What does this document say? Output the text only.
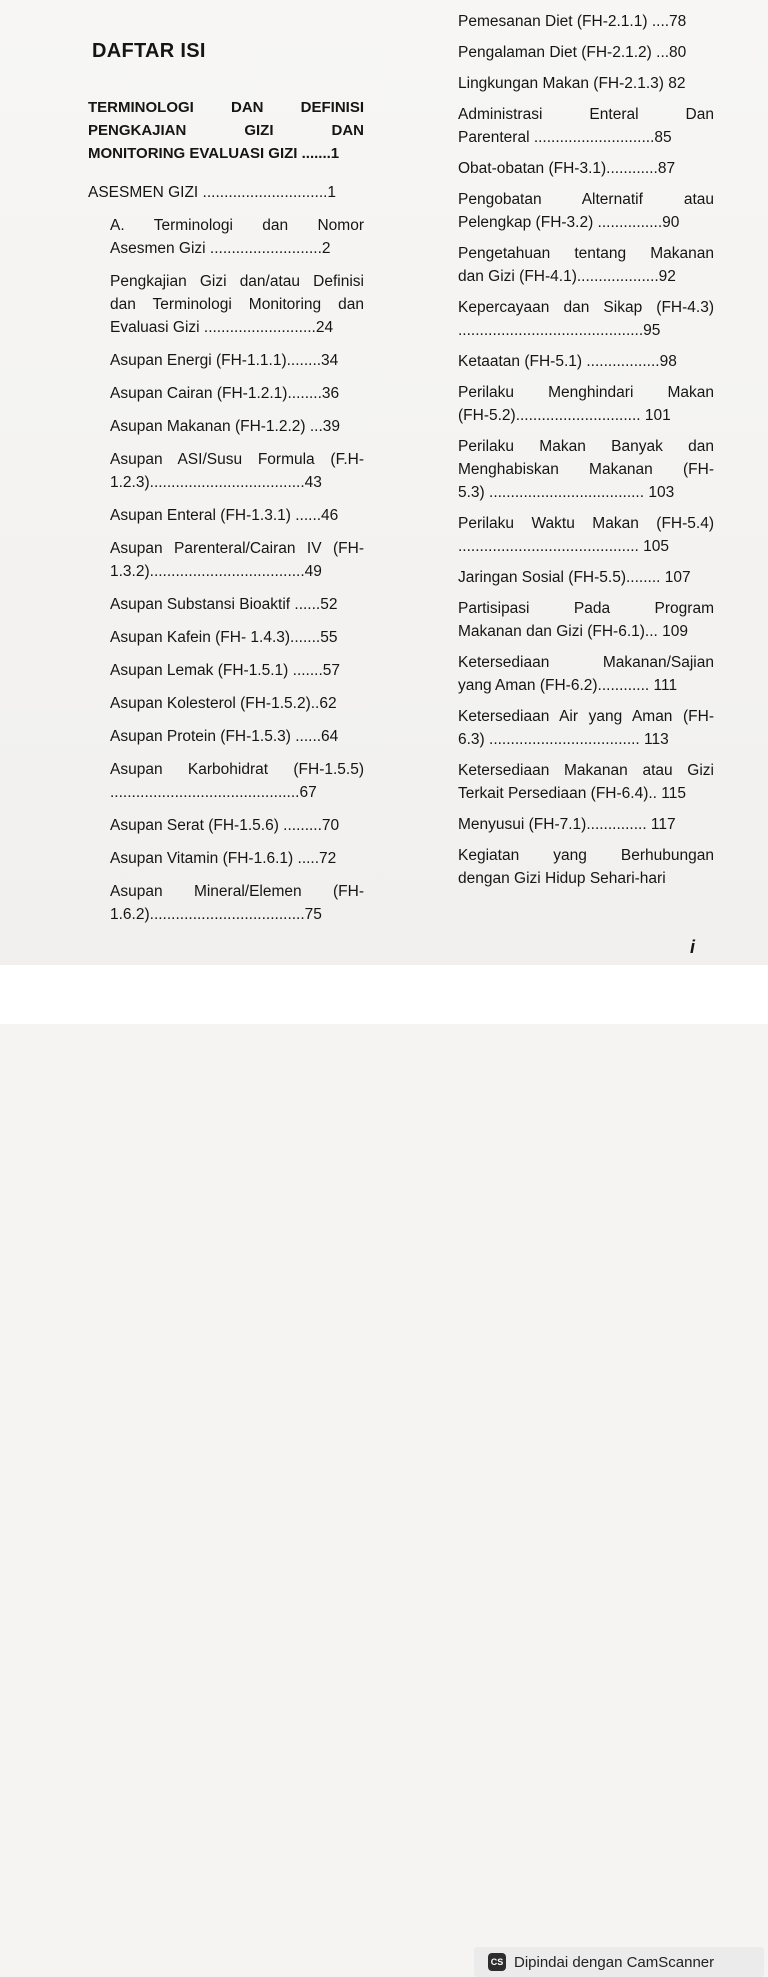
DAFTAR ISI
TERMINOLOGI DAN DEFINISI
PENGKAJIAN GIZI DAN
MONITORING EVALUASI GIZI .......1
ASESMEN GIZI .............................1
A. Terminologi dan Nomor
Asesmen Gizi ..........................2
Pengkajian Gizi dan/atau Definisi
dan Terminologi Monitoring dan
Evaluasi Gizi ..........................24
Asupan Energi (FH-1.1.1)........34
Asupan Cairan (FH-1.2.1)........36
Asupan Makanan (FH-1.2.2) ...39
Asupan ASI/Susu Formula (F.H-
1.2.3)....................................43
Asupan Enteral (FH-1.3.1) ......46
Asupan Parenteral/Cairan IV (FH-
1.3.2)....................................49
Asupan Substansi Bioaktif ......52
Asupan Kafein (FH- 1.4.3).......55
Asupan Lemak (FH-1.5.1) .......57
Asupan Kolesterol (FH-1.5.2)..62
Asupan Protein (FH-1.5.3) ......64
Asupan Karbohidrat (FH-1.5.5)
............................................67
Asupan Serat (FH-1.5.6) .........70
Asupan Vitamin (FH-1.6.1) .....72
Asupan Mineral/Elemen (FH-
1.6.2)....................................75
Pemesanan Diet (FH-2.1.1) ....78
Pengalaman Diet (FH-2.1.2) ...80
Lingkungan Makan (FH-2.1.3) 82
Administrasi Enteral Dan
Parenteral ............................85
Obat-obatan (FH-3.1)............87
Pengobatan Alternatif atau
Pelengkap (FH-3.2) ...............90
Pengetahuan tentang Makanan
dan Gizi (FH-4.1)...................92
Kepercayaan dan Sikap (FH-4.3)
...........................................95
Ketaatan (FH-5.1) .................98
Perilaku Menghindari Makan
(FH-5.2)............................. 101
Perilaku Makan Banyak dan
Menghabiskan Makanan (FH-
5.3) .................................... 103
Perilaku Waktu Makan (FH-5.4)
.......................................... 105
Jaringan Sosial (FH-5.5)........ 107
Partisipasi Pada Program
Makanan dan Gizi (FH-6.1)... 109
Ketersediaan Makanan/Sajian
yang Aman (FH-6.2)............ 111
Ketersediaan Air yang Aman (FH-
6.3) ................................... 113
Ketersediaan Makanan atau Gizi
Terkait Persediaan (FH-6.4).. 115
Menyusui (FH-7.1).............. 117
Kegiatan yang Berhubungan
dengan Gizi Hidup Sehari-hari
i
CS Dipindai dengan CamScanner
